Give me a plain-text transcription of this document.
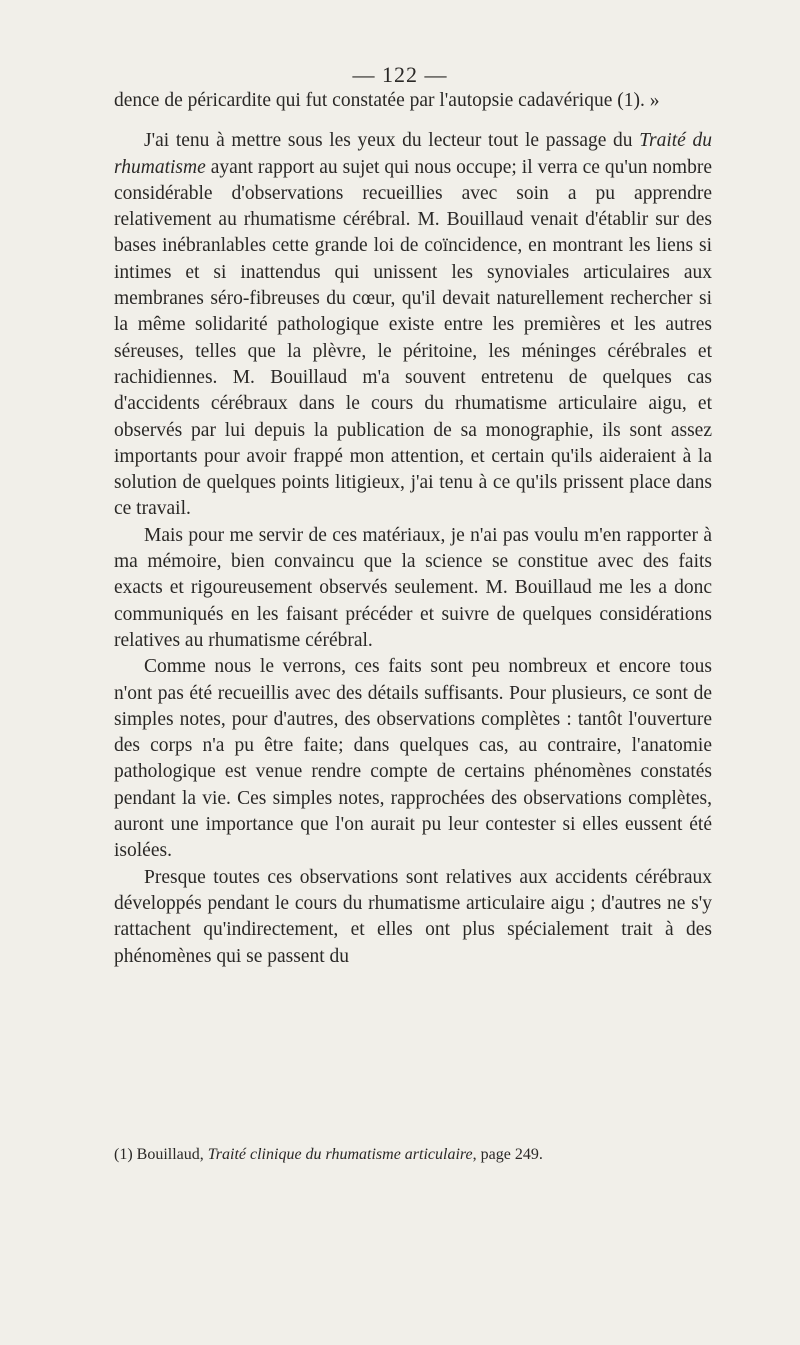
— 122 —

dence de péricardite qui fut constatée par l'autopsie cadavérique (1). »

J'ai tenu à mettre sous les yeux du lecteur tout le passage du Traité du rhumatisme ayant rapport au sujet qui nous occupe; il verra ce qu'un nombre considérable d'observations recueillies avec soin a pu apprendre relativement au rhumatisme cérébral. M. Bouillaud venait d'établir sur des bases inébranlables cette grande loi de coïncidence, en montrant les liens si intimes et si inattendus qui unissent les synoviales articulaires aux membranes séro-fibreuses du cœur, qu'il devait naturellement rechercher si la même solidarité pathologique existe entre les premières et les autres séreuses, telles que la plèvre, le péritoine, les méninges cérébrales et rachidiennes. M. Bouillaud m'a souvent entretenu de quelques cas d'accidents cérébraux dans le cours du rhumatisme articulaire aigu, et observés par lui depuis la publication de sa monographie, ils sont assez importants pour avoir frappé mon attention, et certain qu'ils aideraient à la solution de quelques points litigieux, j'ai tenu à ce qu'ils prissent place dans ce travail.

Mais pour me servir de ces matériaux, je n'ai pas voulu m'en rapporter à ma mémoire, bien convaincu que la science se constitue avec des faits exacts et rigoureusement observés seulement. M. Bouillaud me les a donc communiqués en les faisant précéder et suivre de quelques considérations relatives au rhumatisme cérébral.

Comme nous le verrons, ces faits sont peu nombreux et encore tous n'ont pas été recueillis avec des détails suffisants. Pour plusieurs, ce sont de simples notes, pour d'autres, des observations complètes : tantôt l'ouverture des corps n'a pu être faite; dans quelques cas, au contraire, l'anatomie pathologique est venue rendre compte de certains phénomènes constatés pendant la vie. Ces simples notes, rapprochées des observations complètes, auront une importance que l'on aurait pu leur contester si elles eussent été isolées.

Presque toutes ces observations sont relatives aux accidents cérébraux développés pendant le cours du rhumatisme articulaire aigu ; d'autres ne s'y rattachent qu'indirectement, et elles ont plus spécialement trait à des phénomènes qui se passent du

(1) Bouillaud, Traité clinique du rhumatisme articulaire, page 249.
